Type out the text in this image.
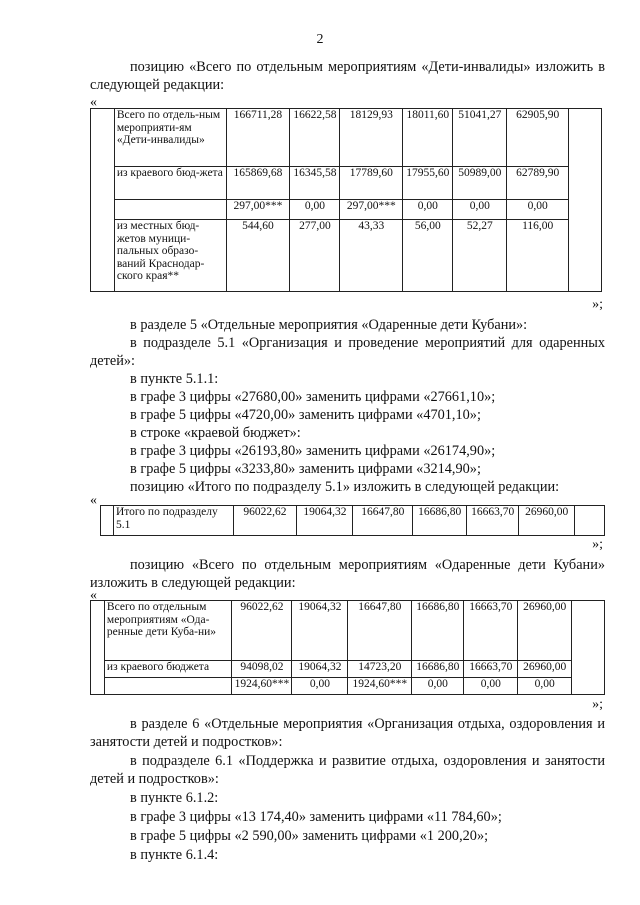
2
позицию «Всего по отдельным мероприятиям «Дети-инвалиды» изложить в следующей редакции:
«
	Всего по отдель-ным мероприяти-ям «Дети-инвалиды»	166711,28	16622,58	18129,93	18011,60	51041,27	62905,90	
	из краевого бюд-жета	165869,68	16345,58	17789,60	17955,60	50989,00	62789,90	
		297,00***	0,00	297,00***	0,00	0,00	0,00	
	из местных бюд-жетов муници-пальных образо-ваний Краснодар-ского края**	544,60	277,00	43,33	56,00	52,27	116,00	
»;
в разделе 5 «Отдельные мероприятия «Одаренные дети Кубани»:
в подразделе 5.1 «Организация и проведение мероприятий для одаренных детей»:
в пункте 5.1.1:
в графе 3 цифры «27680,00» заменить цифрами «27661,10»;
в графе 5 цифры «4720,00» заменить цифрами «4701,10»;
в строке «краевой бюджет»:
в графе 3 цифры «26193,80» заменить цифрами «26174,90»;
в графе 5 цифры «3233,80» заменить цифрами «3214,90»;
позицию «Итого по подразделу 5.1» изложить в следующей редакции:
«
	Итого по подразделу 5.1	96022,62	19064,32	16647,80	16686,80	16663,70	26960,00	
»;
позицию «Всего по отдельным мероприятиям «Одаренные дети Кубани» изложить в следующей редакции:
«
	Всего по отдельным мероприятиям «Ода-ренные дети Куба-ни»	96022,62	19064,32	16647,80	16686,80	16663,70	26960,00	
	из краевого бюджета	94098,02	19064,32	14723,20	16686,80	16663,70	26960,00	
		1924,60***	0,00	1924,60***	0,00	0,00	0,00	
»;
в разделе 6 «Отдельные мероприятия «Организация отдыха, оздоровления и занятости детей и подростков»:
в подразделе 6.1 «Поддержка и развитие отдыха, оздоровления и занятости детей и подростков»:
в пункте 6.1.2:
в графе 3 цифры «13 174,40» заменить цифрами «11 784,60»;
в графе 5 цифры «2 590,00» заменить цифрами «1 200,20»;
в пункте 6.1.4:
